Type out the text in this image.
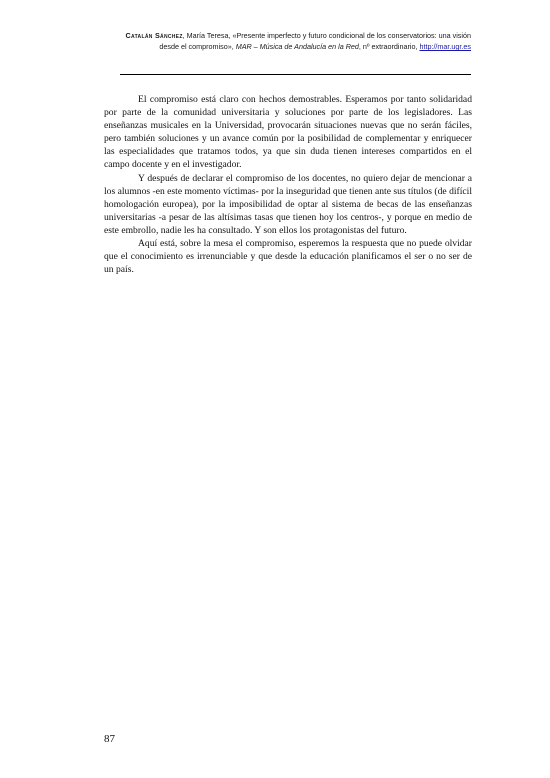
Catalán Sánchez, María Teresa, «Presente imperfecto y futuro condicional de los conservatorios: una visión desde el compromiso», MAR – Música de Andalucía en la Red, nº extraordinario, http://mar.ugr.es

El compromiso está claro con hechos demostrables. Esperamos por tanto solidaridad por parte de la comunidad universitaria y soluciones por parte de los legisladores. Las enseñanzas musicales en la Universidad, provocarán situaciones nuevas que no serán fáciles, pero también soluciones y un avance común por la posibilidad de complementar y enriquecer las especialidades que tratamos todos, ya que sin duda tienen intereses compartidos en el campo docente y en el investigador.

Y después de declarar el compromiso de los docentes, no quiero dejar de mencionar a los alumnos -en este momento víctimas- por la inseguridad que tienen ante sus títulos (de difícil homologación europea), por la imposibilidad de optar al sistema de becas de las enseñanzas universitarias -a pesar de las altísimas tasas que tienen hoy los centros-, y porque en medio de este embrollo, nadie les ha consultado. Y son ellos los protagonistas del futuro.

Aquí está, sobre la mesa el compromiso, esperemos la respuesta que no puede olvidar que el conocimiento es irrenunciable y que desde la educación planificamos el ser o no ser de un país.

87
